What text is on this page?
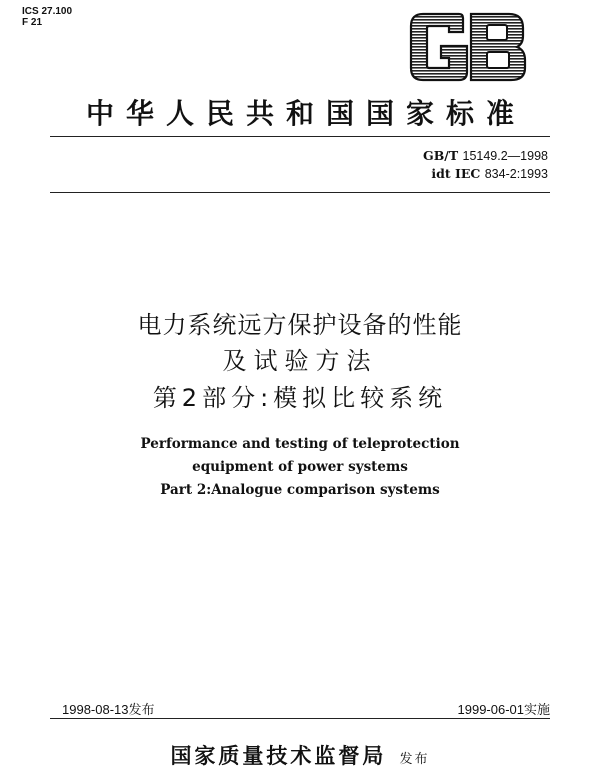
ICS 27.100
F 21
中华人民共和国国家标准
GB/T 15149.2—1998
idt IEC 834-2:1993
电力系统远方保护设备的性能
及试验方法
第2部分:模拟比较系统
Performance and testing of teleprotection
equipment of power systems
Part 2:Analogue comparison systems
1998-08-13发布	1999-06-01实施
国家质量技术监督局 发布
